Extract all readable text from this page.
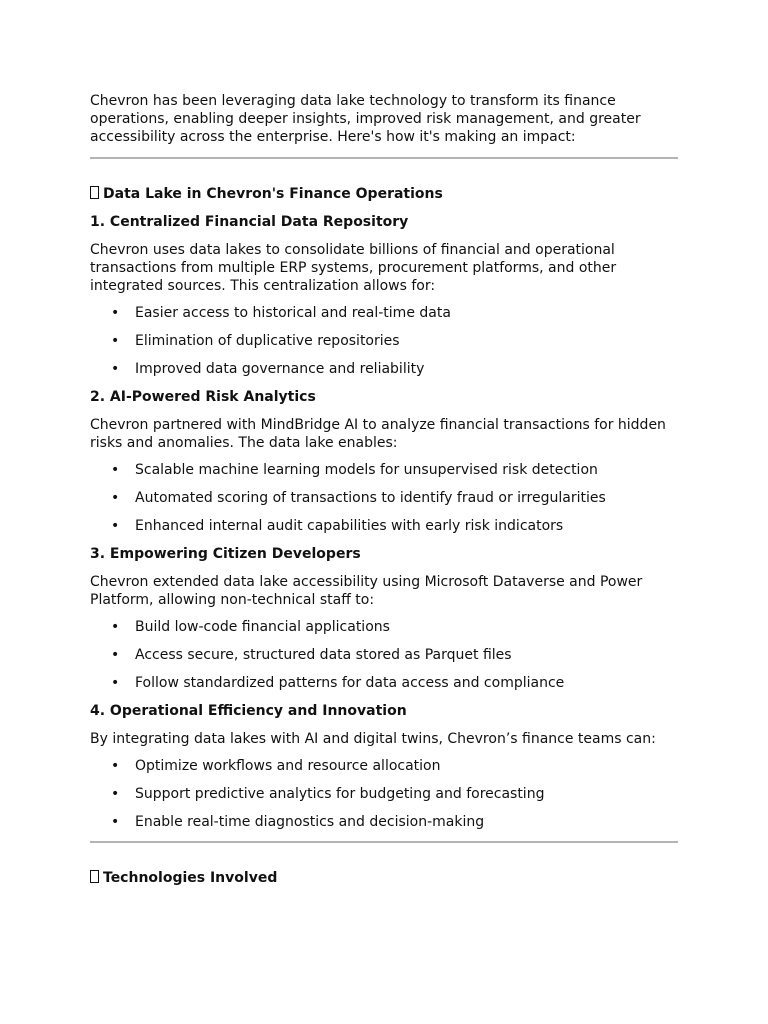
Chevron has been leveraging data lake technology to transform its finance operations, enabling deeper insights, improved risk management, and greater accessibility across the enterprise. Here's how it's making an impact:

Data Lake in Chevron's Finance Operations
1. Centralized Financial Data Repository

Chevron uses data lakes to consolidate billions of financial and operational transactions from multiple ERP systems, procurement platforms, and other integrated sources. This centralization allows for:

• Easier access to historical and real-time data
• Elimination of duplicative repositories
• Improved data governance and reliability
2. AI-Powered Risk Analytics

Chevron partnered with MindBridge AI to analyze financial transactions for hidden risks and anomalies. The data lake enables:

• Scalable machine learning models for unsupervised risk detection
• Automated scoring of transactions to identify fraud or irregularities
• Enhanced internal audit capabilities with early risk indicators
3. Empowering Citizen Developers

Chevron extended data lake accessibility using Microsoft Dataverse and Power Platform, allowing non-technical staff to:

• Build low-code financial applications
• Access secure, structured data stored as Parquet files
• Follow standardized patterns for data access and compliance
4. Operational Efficiency and Innovation

By integrating data lakes with AI and digital twins, Chevron’s finance teams can:

• Optimize workflows and resource allocation
• Support predictive analytics for budgeting and forecasting
• Enable real-time diagnostics and decision-making
Technologies Involved
